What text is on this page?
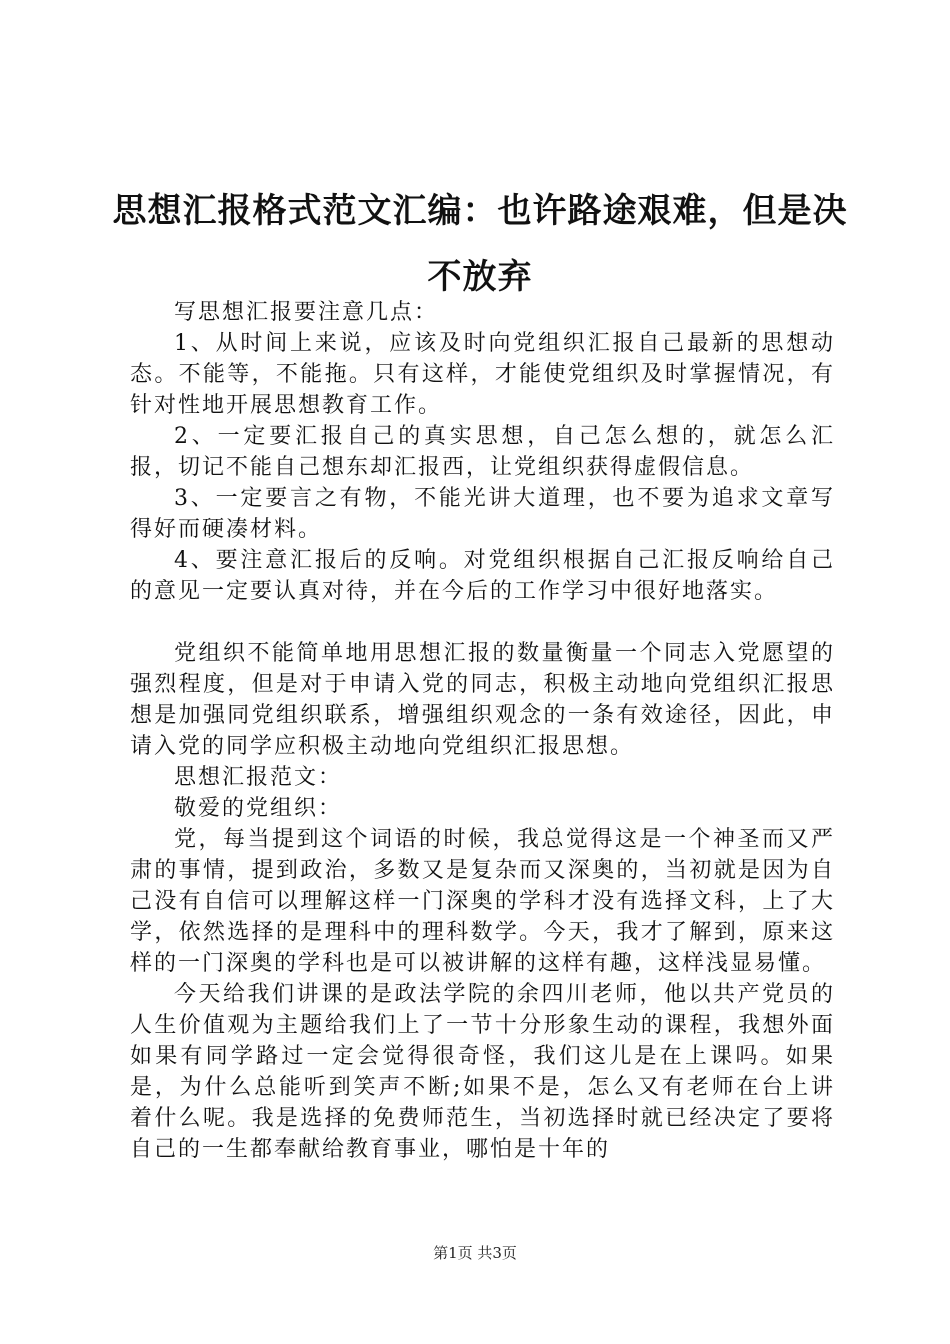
思想汇报格式范文汇编：也许路途艰难，但是决不放弃

写思想汇报要注意几点：

1、从时间上来说，应该及时向党组织汇报自己最新的思想动态。不能等，不能拖。只有这样，才能使党组织及时掌握情况，有针对性地开展思想教育工作。

2、一定要汇报自己的真实思想，自己怎么想的，就怎么汇报，切记不能自己想东却汇报西，让党组织获得虚假信息。

3、一定要言之有物，不能光讲大道理，也不要为追求文章写得好而硬凑材料。

4、要注意汇报后的反响。对党组织根据自己汇报反响给自己的意见一定要认真对待，并在今后的工作学习中很好地落实。

党组织不能简单地用思想汇报的数量衡量一个同志入党愿望的强烈程度，但是对于申请入党的同志，积极主动地向党组织汇报思想是加强同党组织联系，增强组织观念的一条有效途径，因此，申请入党的同学应积极主动地向党组织汇报思想。

思想汇报范文：

敬爱的党组织：

党，每当提到这个词语的时候，我总觉得这是一个神圣而又严肃的事情，提到政治，多数又是复杂而又深奥的，当初就是因为自己没有自信可以理解这样一门深奥的学科才没有选择文科，上了大学，依然选择的是理科中的理科数学。今天，我才了解到，原来这样的一门深奥的学科也是可以被讲解的这样有趣，这样浅显易懂。

今天给我们讲课的是政法学院的余四川老师，他以共产党员的人生价值观为主题给我们上了一节十分形象生动的课程，我想外面如果有同学路过一定会觉得很奇怪，我们这儿是在上课吗。如果是，为什么总能听到笑声不断;如果不是，怎么又有老师在台上讲着什么呢。我是选择的免费师范生，当初选择时就已经决定了要将自己的一生都奉献给教育事业，哪怕是十年的

第1页 共3页
